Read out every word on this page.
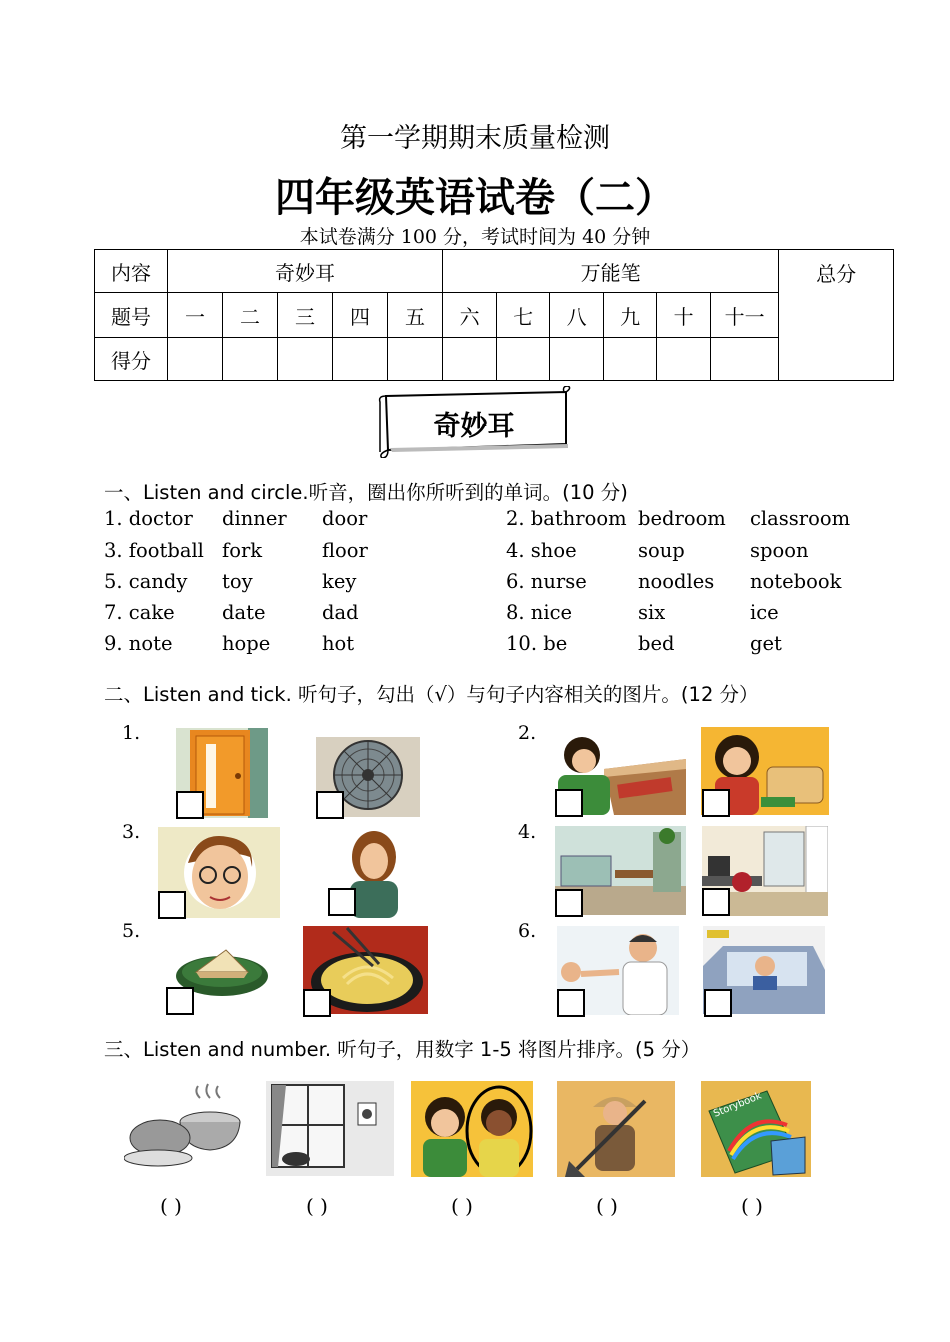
第一学期期末质量检测
四年级英语试卷（二）
本试卷满分 100 分，考试时间为 40 分钟
内容	奇妙耳					万能笔						总分
题号	一	二	三	四	五	六	七	八	九	十	十一	
得分												
奇妙耳
一、Listen and circle.听音，圈出你所听到的单词。(10 分)
1. doctor dinner door	2. bathroom bedroom classroom
3. football fork	floor	4. shoe	soup	spoon
5. candy toy	key	6. nurse	noodles notebook
7. cake date	dad	8. nice	six	ice
9. note	hope	hot	10. be	bed	get
二、Listen and tick. 听句子，勾出（√）与句子内容相关的图片。(12 分）
1.	2.
3.	4.
5.	6.
三、Listen and number. 听句子，用数字 1-5 将图片排序。(5 分）
Storybook
( )	( )	( )	( )	( )
